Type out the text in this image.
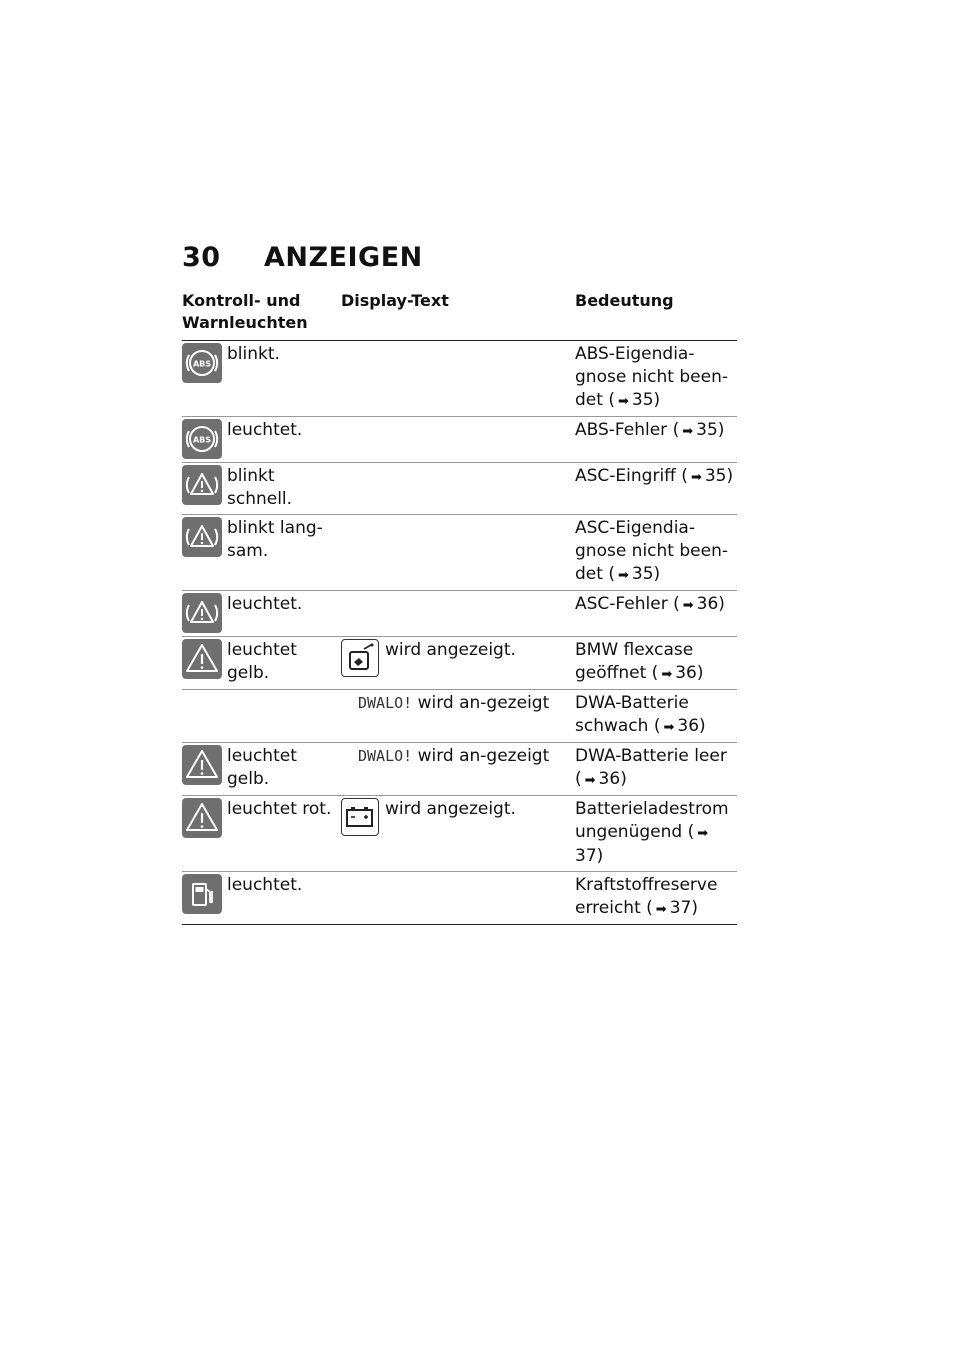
30	ANZEIGEN
Kontroll- und Warnleuchten	Display-Text	Bedeutung

ABS blinkt.		ABS-Eigendia-gnose nicht been-det ( ➡ 35)

ABS leuchtet.		ABS-Fehler ( ➡ 35)

blinkt schnell.		ASC-Eingriff ( ➡ 35)

blinkt lang-sam.		ASC-Eigendia-gnose nicht been-det ( ➡ 35)

leuchtet.		ASC-Fehler ( ➡ 36)

leuchtet gelb.	wird angezeigt.	BMW flexcase geöffnet ( ➡ 36)

	DWALO! wird an-gezeigt	DWA-Batterie schwach ( ➡ 36)

leuchtet gelb.	DWALO! wird an-gezeigt	DWA-Batterie leer ( ➡ 36)

leuchtet rot.	wird angezeigt.	Batterieladestrom ungenügend ( ➡37)

leuchtet.		Kraftstoffreserve erreicht ( ➡ 37)
